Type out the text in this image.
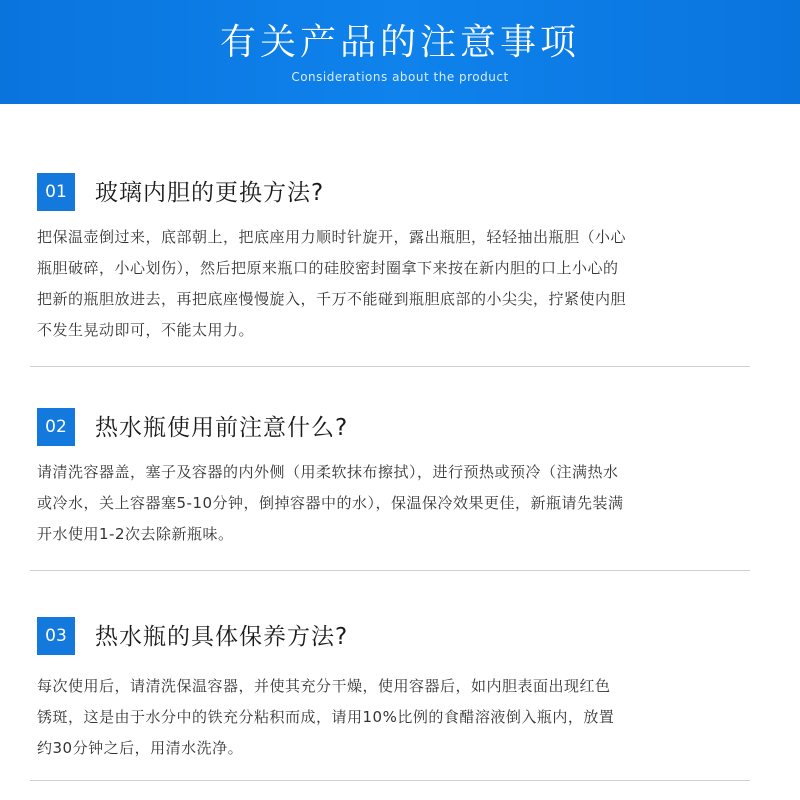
有关产品的注意事项
Considerations about the product
01	玻璃内胆的更换方法?
把保温壶倒过来，底部朝上，把底座用力顺时针旋开，露出瓶胆，轻轻抽出瓶胆（小心
瓶胆破碎，小心划伤），然后把原来瓶口的硅胶密封圈拿下来按在新内胆的口上小心的
把新的瓶胆放进去，再把底座慢慢旋入，千万不能碰到瓶胆底部的小尖尖，拧紧使内胆
不发生晃动即可，不能太用力。
02	热水瓶使用前注意什么?
请清洗容器盖，塞子及容器的内外侧（用柔软抹布擦拭），进行预热或预冷（注满热水
或冷水，关上容器塞5-10分钟，倒掉容器中的水），保温保冷效果更佳，新瓶请先装满
开水使用1-2次去除新瓶味。
03	热水瓶的具体保养方法?
每次使用后，请清洗保温容器，并使其充分干燥，使用容器后，如内胆表面出现红色
锈斑，这是由于水分中的铁充分粘积而成，请用10%比例的食醋溶液倒入瓶内，放置
约30分钟之后，用清水洗净。
